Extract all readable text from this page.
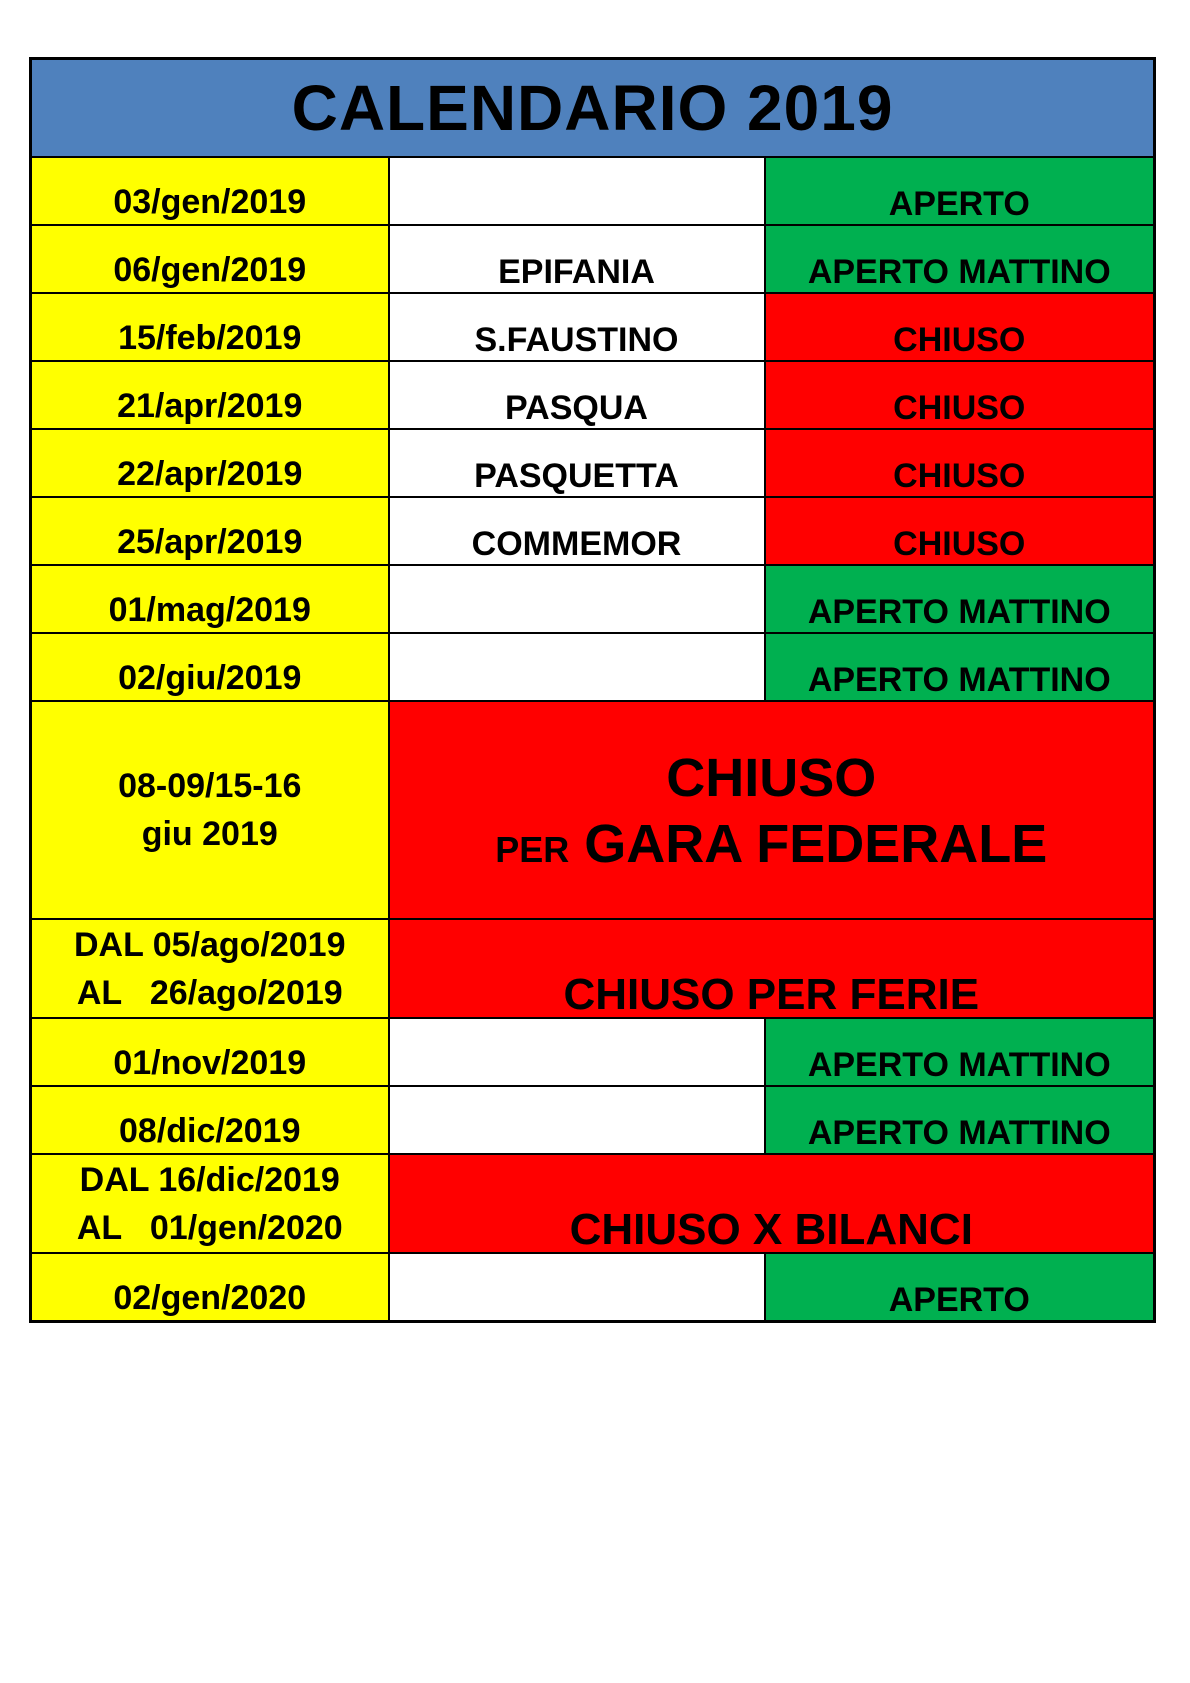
CALENDARIO 2019		
03/gen/2019		APERTO
06/gen/2019	EPIFANIA	APERTO MATTINO
15/feb/2019	S.FAUSTINO	CHIUSO
21/apr/2019	PASQUA	CHIUSO
22/apr/2019	PASQUETTA	CHIUSO
25/apr/2019	COMMEMOR	CHIUSO
01/mag/2019		APERTO MATTINO
02/giu/2019		APERTO MATTINO

08-09/15-16
giu 2019	CHIUSO
PER GARA FEDERALE	

DAL 05/ago/2019
AL   26/ago/2019	CHIUSO PER FERIE	
01/nov/2019		APERTO MATTINO
08/dic/2019		APERTO MATTINO

DAL 16/dic/2019
AL   01/gen/2020	CHIUSO X BILANCI	
02/gen/2020		APERTO
